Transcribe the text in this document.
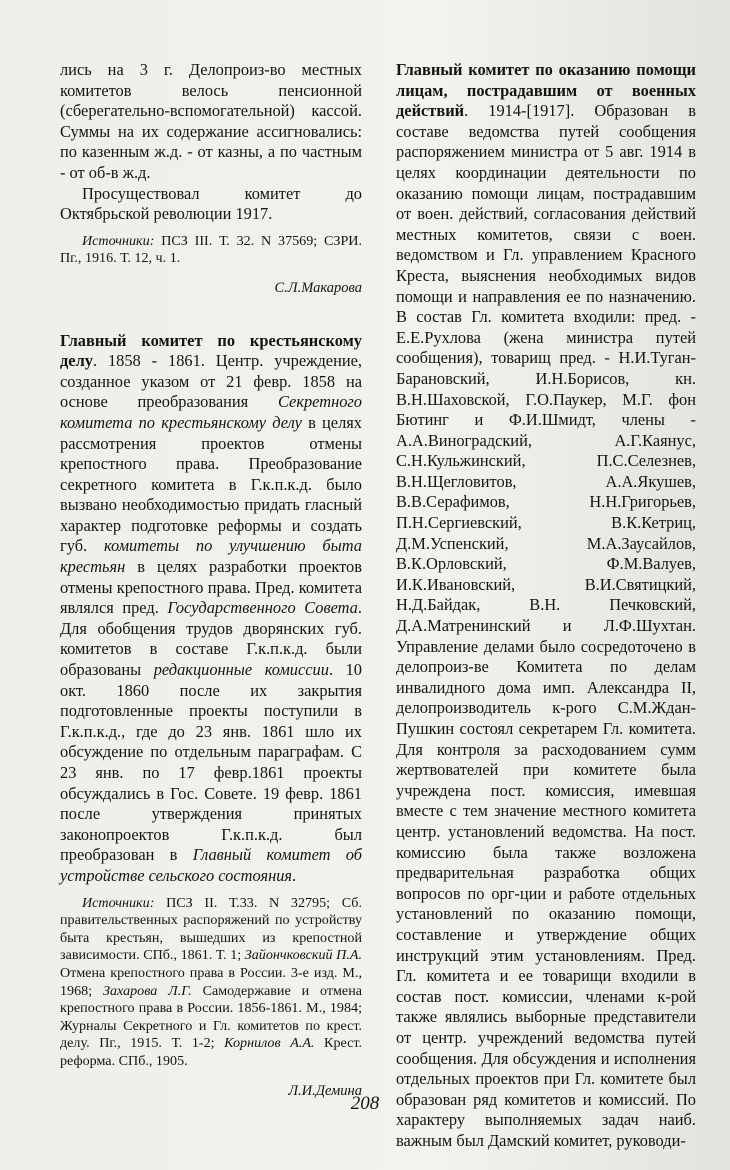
лись на 3 г. Делопроиз-во местных комитетов велось пенсионной (сберегательно-вспомогательной) кассой. Суммы на их содержание ассигновались: по казенным ж.д. - от казны, а по частным - от об-в ж.д.

Просуществовал комитет до Октябрьской революции 1917.

Источники: ПСЗ III. Т. 32. N 37569; СЗРИ. Пг., 1916. Т. 12, ч. 1.

С.Л.Макарова

Главный комитет по крестьянскому делу. 1858 - 1861. Центр. учреждение, созданное указом от 21 февр. 1858 на основе преобразования Секретного комитета по крестьянскому делу в целях рассмотрения проектов отмены крепостного права. Преобразование секретного комитета в Г.к.п.к.д. было вызвано необходимостью придать гласный характер подготовке реформы и создать губ. комитеты по улучшению быта крестьян в целях разработки проектов отмены крепостного права. Пред. комитета являлся пред. Государственного Совета. Для обобщения трудов дворянских губ. комитетов в составе Г.к.п.к.д. были образованы редакционные комиссии. 10 окт. 1860 после их закрытия подготовленные проекты поступили в Г.к.п.к.д., где до 23 янв. 1861 шло их обсуждение по отдельным параграфам. С 23 янв. по 17 февр.1861 проекты обсуждались в Гос. Совете. 19 февр. 1861 после утверждения принятых законопроектов Г.к.п.к.д. был преобразован в Главный комитет об устройстве сельского состояния.

Источники: ПСЗ II. Т.33. N 32795; Сб. правительственных распоряжений по устройству быта крестьян, вышедших из крепостной зависимости. СПб., 1861. Т. 1; Зайончковский П.А. Отмена крепостного права в России. 3-е изд. М., 1968; Захарова Л.Г. Самодержавие и отмена крепостного права в России. 1856-1861. М., 1984; Журналы Секретного и Гл. комитетов по крест. делу. Пг., 1915. Т. 1-2; Корнилов А.А. Крест. реформа. СПб., 1905.

Л.И.Демина

Главный комитет по оказанию помощи лицам, пострадавшим от военных действий. 1914-[1917]. Образован в составе ведомства путей сообщения распоряжением министра от 5 авг. 1914 в целях координации деятельности по оказанию помощи лицам, пострадавшим от воен. действий, согласования действий местных комитетов, связи с воен. ведомством и Гл. управлением Красного Креста, выяснения необходимых видов помощи и направления ее по назначению. В состав Гл. комитета входили: пред. - Е.Е.Рухлова (жена министра путей сообщения), товарищ пред. - Н.И.Туган-Барановский, И.Н.Борисов, кн. В.Н.Шаховской, Г.О.Паукер, М.Г. фон Бютинг и Ф.И.Шмидт, члены - А.А.Виноградский, А.Г.Каянус, С.Н.Кульжинский, П.С.Селезнев, В.Н.Щегловитов, А.А.Якушев, В.В.Серафимов, Н.Н.Григорьев, П.Н.Сергиевский, В.К.Кетриц, Д.М.Успенский, М.А.Заусайлов, В.К.Орловский, Ф.М.Валуев, И.К.Ивановский, В.И.Святицкий, Н.Д.Байдак, В.Н. Печковский, Д.А.Матренинский и Л.Ф.Шухтан. Управление делами было сосредоточено в делопроиз-ве Комитета по делам инвалидного дома имп. Александра II, делопроизводитель к-рого С.М.Ждан-Пушкин состоял секретарем Гл. комитета. Для контроля за расходованием сумм жертвователей при комитете была учреждена пост. комиссия, имевшая вместе с тем значение местного комитета центр. установлений ведомства. На пост. комиссию была также возложена предварительная разработка общих вопросов по орг-ции и работе отдельных установлений по оказанию помощи, составление и утверждение общих инструкций этим установлениям. Пред. Гл. комитета и ее товарищи входили в состав пост. комиссии, членами к-рой также являлись выборные представители от центр. учреждений ведомства путей сообщения. Для обсуждения и исполнения отдельных проектов при Гл. комитете был образован ряд комитетов и комиссий. По характеру выполняемых задач наиб. важным был Дамский комитет, руководи-

208
